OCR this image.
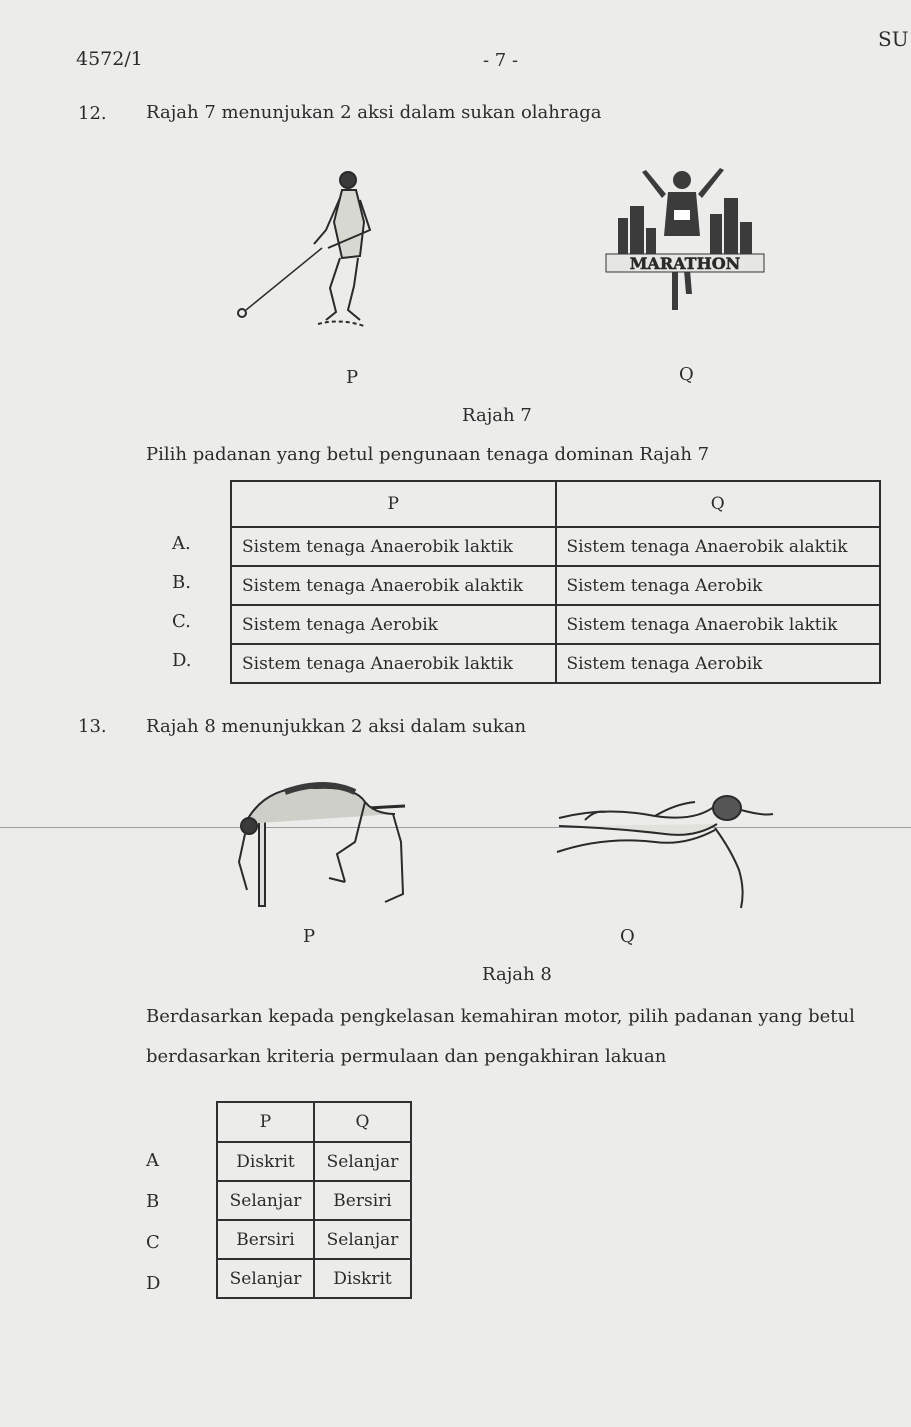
4572/1	- 7 -
SU
12. Rajah 7 menunjukan 2 aksi dalam sukan olahraga
MARATHON
P	Q
Rajah 7
Pilih padanan yang betul pengunaan tenaga dominan Rajah 7
A.
B.
C.
D.
P	Q
Sistem tenaga Anaerobik laktik	Sistem tenaga Anaerobik alaktik
Sistem tenaga Anaerobik alaktik	Sistem tenaga Aerobik
Sistem tenaga Aerobik	Sistem tenaga Anaerobik laktik
Sistem tenaga Anaerobik laktik	Sistem tenaga Aerobik
13. Rajah 8 menunjukkan 2 aksi dalam sukan
P	Q
Rajah 8
Berdasarkan kepada pengkelasan kemahiran motor, pilih padanan yang betul
berdasarkan kriteria permulaan dan pengakhiran lakuan
A
B
C
D
P	Q
Diskrit	Selanjar
Selanjar	Bersiri
Bersiri	Selanjar
Selanjar	Diskrit
